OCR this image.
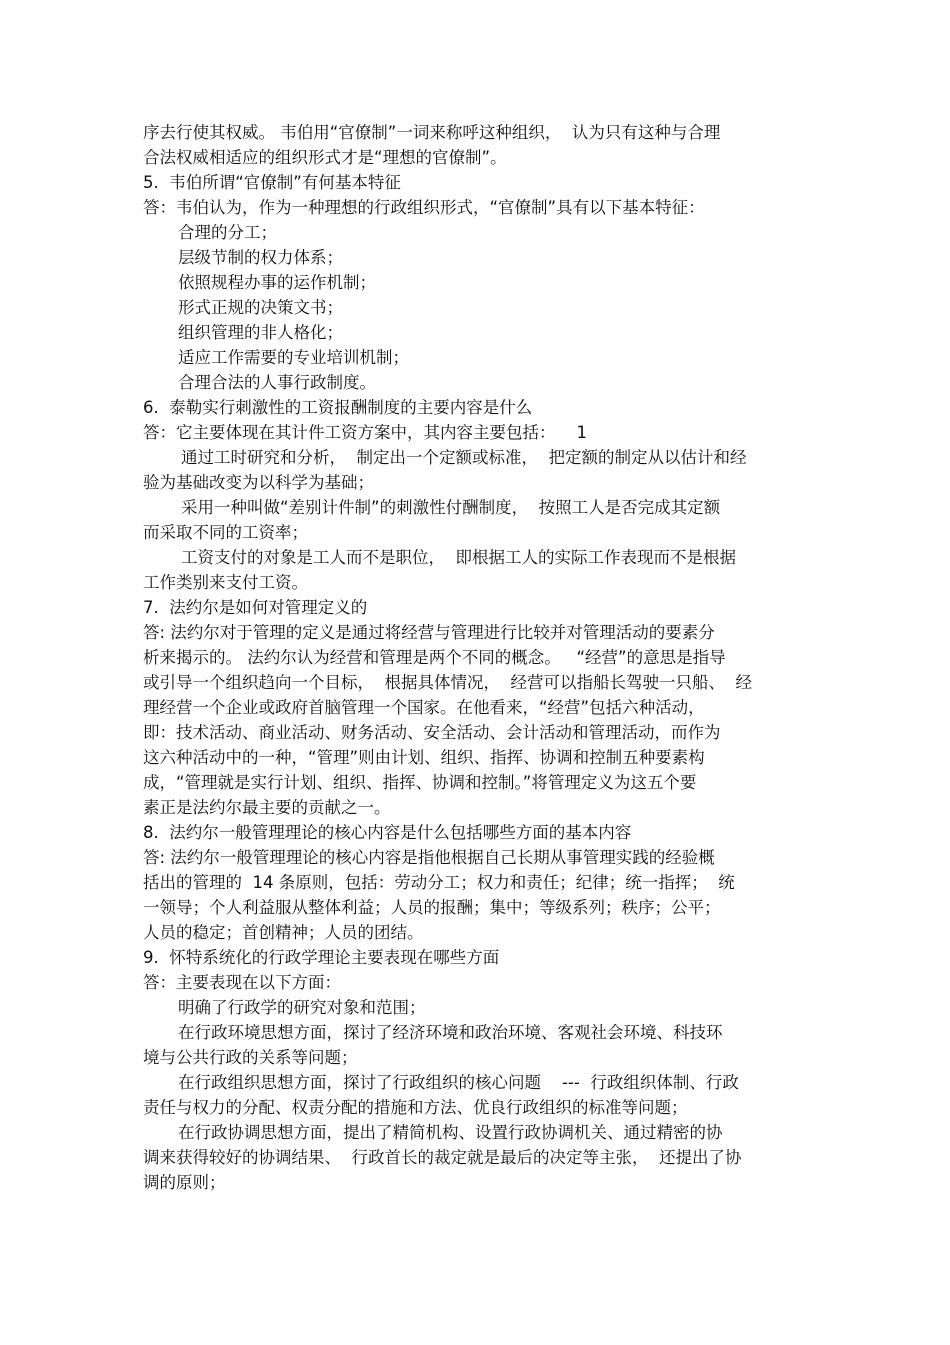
序去行使其权威。 韦伯用“官僚制”一词来称呼这种组织，  认为只有这种与合理
合法权威相适应的组织形式才是“理想的官僚制”。
5.  韦伯所谓“官僚制”有何基本特征
答：韦伯认为，作为一种理想的行政组织形式，“官僚制”具有以下基本特征：
合理的分工；
层级节制的权力体系；
依照规程办事的运作机制；
形式正规的决策文书；
组织管理的非人格化；
适应工作需要的专业培训机制；
合理合法的人事行政制度。
6.  泰勒实行刺激性的工资报酬制度的主要内容是什么
答：它主要体现在其计件工资方案中，其内容主要包括：    1
通过工时研究和分析，  制定出一个定额或标准，  把定额的制定从以估计和经
验为基础改变为以科学为基础；
采用一种叫做“差别计件制”的刺激性付酬制度，  按照工人是否完成其定额
而采取不同的工资率；
工资支付的对象是工人而不是职位，  即根据工人的实际工作表现而不是根据
工作类别来支付工资。
7.  法约尔是如何对管理定义的
答: 法约尔对于管理的定义是通过将经营与管理进行比较并对管理活动的要素分
析来揭示的。 法约尔认为经营和管理是两个不同的概念。   “经营”的意思是指导
或引导一个组织趋向一个目标，  根据具体情况，  经营可以指船长驾驶一只船、  经
理经营一个企业或政府首脑管理一个国家。在他看来，“经营”包括六种活动，
即：技术活动、商业活动、财务活动、安全活动、会计活动和管理活动，而作为
这六种活动中的一种，“管理”则由计划、组织、指挥、协调和控制五种要素构
成，“管理就是实行计划、组织、指挥、协调和控制。”将管理定义为这五个要
素正是法约尔最主要的贡献之一。
8.  法约尔一般管理理论的核心内容是什么包括哪些方面的基本内容
答: 法约尔一般管理理论的核心内容是指他根据自己长期从事管理实践的经验概
括出的管理的  14 条原则，包括：劳动分工；权力和责任；纪律；统一指挥；  统
一领导；个人利益服从整体利益；人员的报酬；集中；等级系列；秩序；公平；
人员的稳定；首创精神；人员的团结。
9.  怀特系统化的行政学理论主要表现在哪些方面
答：主要表现在以下方面：
明确了行政学的研究对象和范围；
在行政环境思想方面，探讨了经济环境和政治环境、客观社会环境、科技环
境与公共行政的关系等问题；
在行政组织思想方面，探讨了行政组织的核心问题    ---  行政组织体制、行政
责任与权力的分配、权责分配的措施和方法、优良行政组织的标准等问题；
在行政协调思想方面，提出了精简机构、设置行政协调机关、通过精密的协
调来获得较好的协调结果、  行政首长的裁定就是最后的决定等主张，  还提出了协
调的原则；
